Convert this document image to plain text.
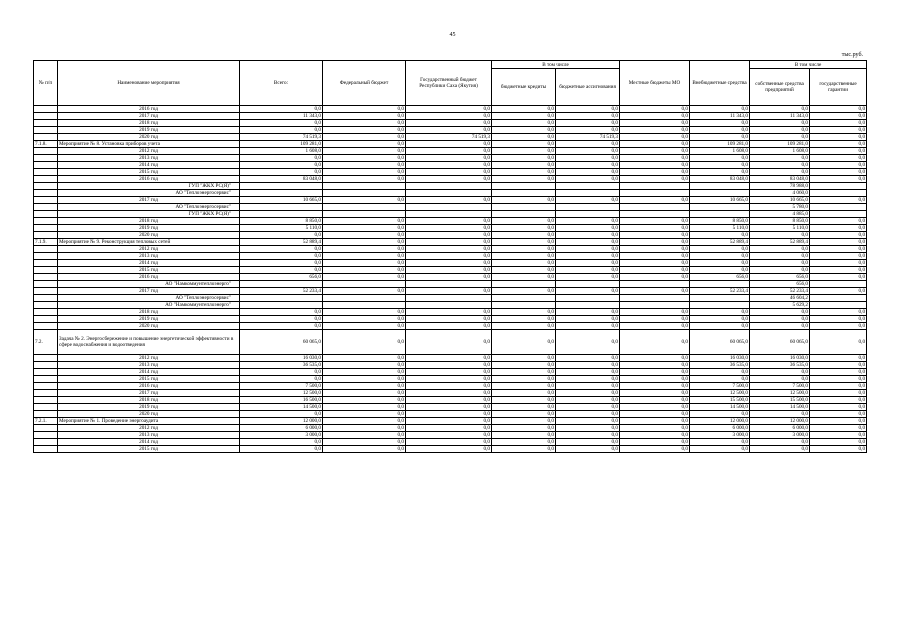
45
тыс.руб.
№ п/п	Наименование мероприятия	Всего:	Федеральный бюджет	Государственный бюджет Республики Саха (Якутия)	В том числе		Местные бюджеты МО	Внебюджетные средства	В том числе	
					бюджетные кредиты	бюджетные ассигнования			собственные средства предприятий	государственные гарантии
	2016 год	0,0	0,0	0,0	0,0	0,0	0,0	0,0	0,0	0,0
	2017 год	11 343,0	0,0	0,0	0,0	0,0	0,0	11 343,0	11 343,0	0,0
	2018 год	0,0	0,0	0,0	0,0	0,0	0,0	0,0	0,0	0,0
	2019 год	0,0	0,0	0,0	0,0	0,0	0,0	0,0	0,0	0,0
	2020 год	74 519,3	0,0	74 519,3	0,0	74 519,3	0,0	0,0	0,0	0,0
7.1.8.	Мероприятие № 8. Установка приборов учета	109 281,0	0,0	0,0	0,0	0,0	0,0	109 281,0	109 281,0	0,0
	2012 год	1 608,0	0,0	0,0	0,0	0,0	0,0	1 608,0	1 608,0	0,0
	2013 год	0,0	0,0	0,0	0,0	0,0	0,0	0,0	0,0	0,0
	2014 год	0,0	0,0	0,0	0,0	0,0	0,0	0,0	0,0	0,0
	2015 год	0,0	0,0	0,0	0,0	0,0	0,0	0,0	0,0	0,0
	2016 год	83 048,0	0,0	0,0	0,0	0,0	0,0	83 048,0	83 048,0	0,0
	ГУП "ЖКХ РС(Я)"								78 988,0	
	АО "Теплоэнергосервис"								4 060,0	
	2017 год	10 665,0	0,0	0,0	0,0	0,0	0,0	10 665,0	10 665,0	0,0
	АО "Теплоэнергосервис"								5 780,0	
	ГУП "ЖКХ РС(Я)"								4 885,0	
	2018 год	8 850,0	0,0	0,0	0,0	0,0	0,0	8 850,0	8 850,0	0,0
	2019 год	5 110,0	0,0	0,0	0,0	0,0	0,0	5 110,0	5 110,0	0,0
	2020 год	0,0	0,0	0,0	0,0	0,0	0,0	0,0	0,0	0,0
7.1.9.	Мероприятие № 9. Реконструкция тепловых сетей	52 889,4	0,0	0,0	0,0	0,0	0,0	52 889,4	52 889,4	0,0
	2012 год	0,0	0,0	0,0	0,0	0,0	0,0	0,0	0,0	0,0
	2013 год	0,0	0,0	0,0	0,0	0,0	0,0	0,0	0,0	0,0
	2014 год	0,0	0,0	0,0	0,0	0,0	0,0	0,0	0,0	0,0
	2015 год	0,0	0,0	0,0	0,0	0,0	0,0	0,0	0,0	0,0
	2016 год	656,0	0,0	0,0	0,0	0,0	0,0	656,0	656,0	0,0
	АО "Намкоммунтеплоэнерго"								656,0	
	2017 год	52 233,4	0,0	0,0	0,0	0,0	0,0	52 233,4	52 233,4	0,0
	АО "Теплоэнергосервис"								46 604,2	
	АО "Намкоммунтеплоэнерго"								5 629,2	
	2018 год	0,0	0,0	0,0	0,0	0,0	0,0	0,0	0,0	0,0
	2019 год	0,0	0,0	0,0	0,0	0,0	0,0	0,0	0,0	0,0
	2020 год	0,0	0,0	0,0	0,0	0,0	0,0	0,0	0,0	0,0
7.2.	Задача № 2. Энергосбережение и повышение энергетической эффективности в сфере водоснабжения и водоотведения	60 065,0	0,0	0,0	0,0	0,0	0,0	60 065,0	60 065,0	0,0
	2012 год	16 030,0	0,0	0,0	0,0	0,0	0,0	16 030,0	16 030,0	0,0
	2013 год	36 535,0	0,0	0,0	0,0	0,0	0,0	36 535,0	36 535,0	0,0
	2014 год	0,0	0,0	0,0	0,0	0,0	0,0	0,0	0,0	0,0
	2015 год	0,0	0,0	0,0	0,0	0,0	0,0	0,0	0,0	0,0
	2016 год	7 500,0	0,0	0,0	0,0	0,0	0,0	7 500,0	7 500,0	0,0
	2017 год	12 500,0	0,0	0,0	0,0	0,0	0,0	12 500,0	12 500,0	0,0
	2018 год	16 500,0	0,0	0,0	0,0	0,0	0,0	15 500,0	15 500,0	0,0
	2019 год	14 500,0	0,0	0,0	0,0	0,0	0,0	14 500,0	14 500,0	0,0
	2020 год	0,0	0,0	0,0	0,0	0,0	0,0	0,0	0,0	0,0
7.2.1.	Мероприятие № 1. Проведение энергоаудита	12 000,0	0,0	0,0	0,0	0,0	0,0	12 000,0	12 000,0	0,0
	2012 год	6 000,0	0,0	0,0	0,0	0,0	0,0	6 000,0	6 000,0	0,0
	2013 год	3 000,0	0,0	0,0	0,0	0,0	0,0	3 000,0	3 000,0	0,0
	2014 год	0,0	0,0	0,0	0,0	0,0	0,0	0,0	0,0	0,0
	2015 год	0,0	0,0	0,0	0,0	0,0	0,0	0,0	0,0	0,0
